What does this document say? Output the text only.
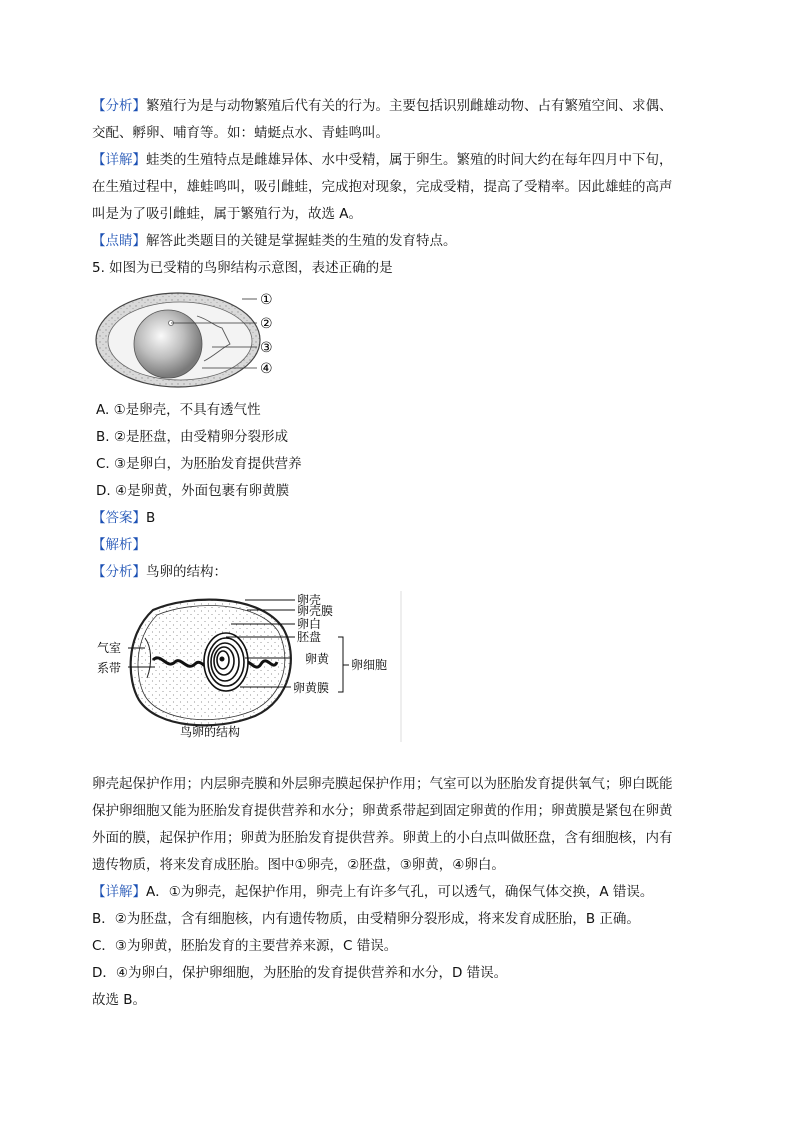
【分析】繁殖行为是与动物繁殖后代有关的行为。主要包括识别雌雄动物、占有繁殖空间、求偶、
交配、孵卵、哺育等。如：蜻蜓点水、青蛙鸣叫。
【详解】蛙类的生殖特点是雌雄异体、水中受精，属于卵生。繁殖的时间大约在每年四月中下旬，
在生殖过程中，雄蛙鸣叫，吸引雌蛙，完成抱对现象，完成受精，提高了受精率。因此雄蛙的高声
叫是为了吸引雌蛙，属于繁殖行为，故选 A。
【点睛】解答此类题目的关键是掌握蛙类的生殖的发育特点。
5. 如图为已受精的鸟卵结构示意图，表述正确的是
①
②
③
④
A. ①是卵壳，不具有透气性
B. ②是胚盘，由受精卵分裂形成
C. ③是卵白，为胚胎发育提供营养
D. ④是卵黄，外面包裹有卵黄膜
【答案】B
【解析】
【分析】鸟卵的结构：
卵壳
卵壳膜
卵白
胚盘
卵黄
卵黄膜
卵细胞
气室
系带
鸟卵的结构
卵壳起保护作用；内层卵壳膜和外层卵壳膜起保护作用；气室可以为胚胎发育提供氧气；卵白既能
保护卵细胞又能为胚胎发育提供营养和水分；卵黄系带起到固定卵黄的作用；卵黄膜是紧包在卵黄
外面的膜，起保护作用；卵黄为胚胎发育提供营养。卵黄上的小白点叫做胚盘，含有细胞核，内有
遗传物质，将来发育成胚胎。图中①卵壳，②胚盘，③卵黄，④卵白。
【详解】A．①为卵壳，起保护作用，卵壳上有许多气孔，可以透气，确保气体交换，A 错误。
B．②为胚盘，含有细胞核，内有遗传物质，由受精卵分裂形成，将来发育成胚胎，B 正确。
C．③为卵黄，胚胎发育的主要营养来源，C 错误。
D．④为卵白，保护卵细胞，为胚胎的发育提供营养和水分，D 错误。
故选 B。
